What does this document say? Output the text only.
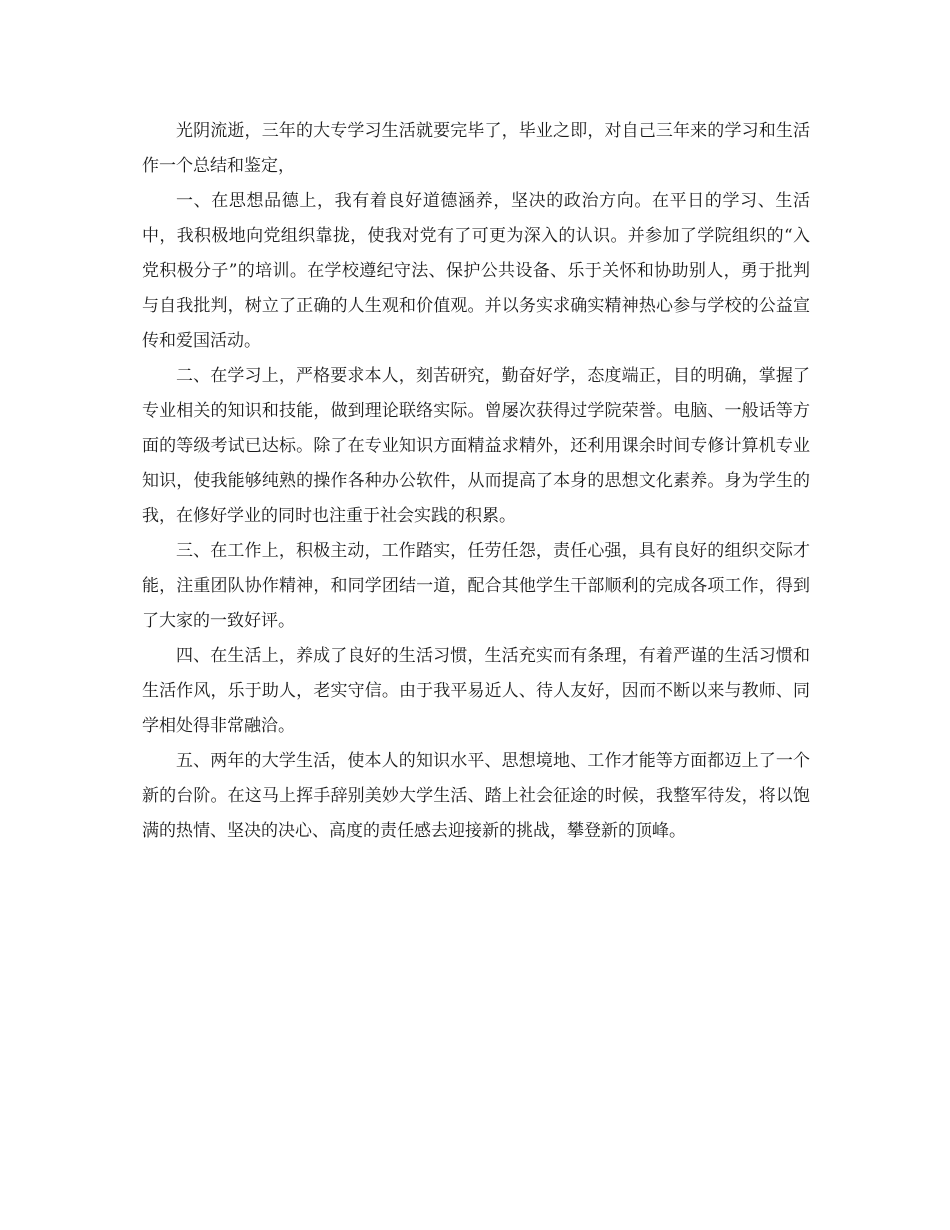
光阴流逝，三年的大专学习生活就要完毕了，毕业之即，对自己三年来的学习和生活作一个总结和鉴定，

一、在思想品德上，我有着良好道德涵养，坚决的政治方向。在平日的学习、生活中，我积极地向党组织靠拢，使我对党有了可更为深入的认识。并参加了学院组织的“入党积极分子”的培训。在学校遵纪守法、保护公共设备、乐于关怀和协助别人，勇于批判与自我批判，树立了正确的人生观和价值观。并以务实求确实精神热心参与学校的公益宣传和爱国活动。

二、在学习上，严格要求本人，刻苦研究，勤奋好学，态度端正，目的明确，掌握了专业相关的知识和技能，做到理论联络实际。曾屡次获得过学院荣誉。电脑、一般话等方面的等级考试已达标。除了在专业知识方面精益求精外，还利用课余时间专修计算机专业知识，使我能够纯熟的操作各种办公软件，从而提高了本身的思想文化素养。身为学生的我，在修好学业的同时也注重于社会实践的积累。

三、在工作上，积极主动，工作踏实，任劳任怨，责任心强，具有良好的组织交际才能，注重团队协作精神，和同学团结一道，配合其他学生干部顺利的完成各项工作，得到了大家的一致好评。

四、在生活上，养成了良好的生活习惯，生活充实而有条理，有着严谨的生活习惯和生活作风，乐于助人，老实守信。由于我平易近人、待人友好，因而不断以来与教师、同学相处得非常融洽。

五、两年的大学生活，使本人的知识水平、思想境地、工作才能等方面都迈上了一个新的台阶。在这马上挥手辞别美妙大学生活、踏上社会征途的时候，我整军待发，将以饱满的热情、坚决的决心、高度的责任感去迎接新的挑战，攀登新的顶峰。
